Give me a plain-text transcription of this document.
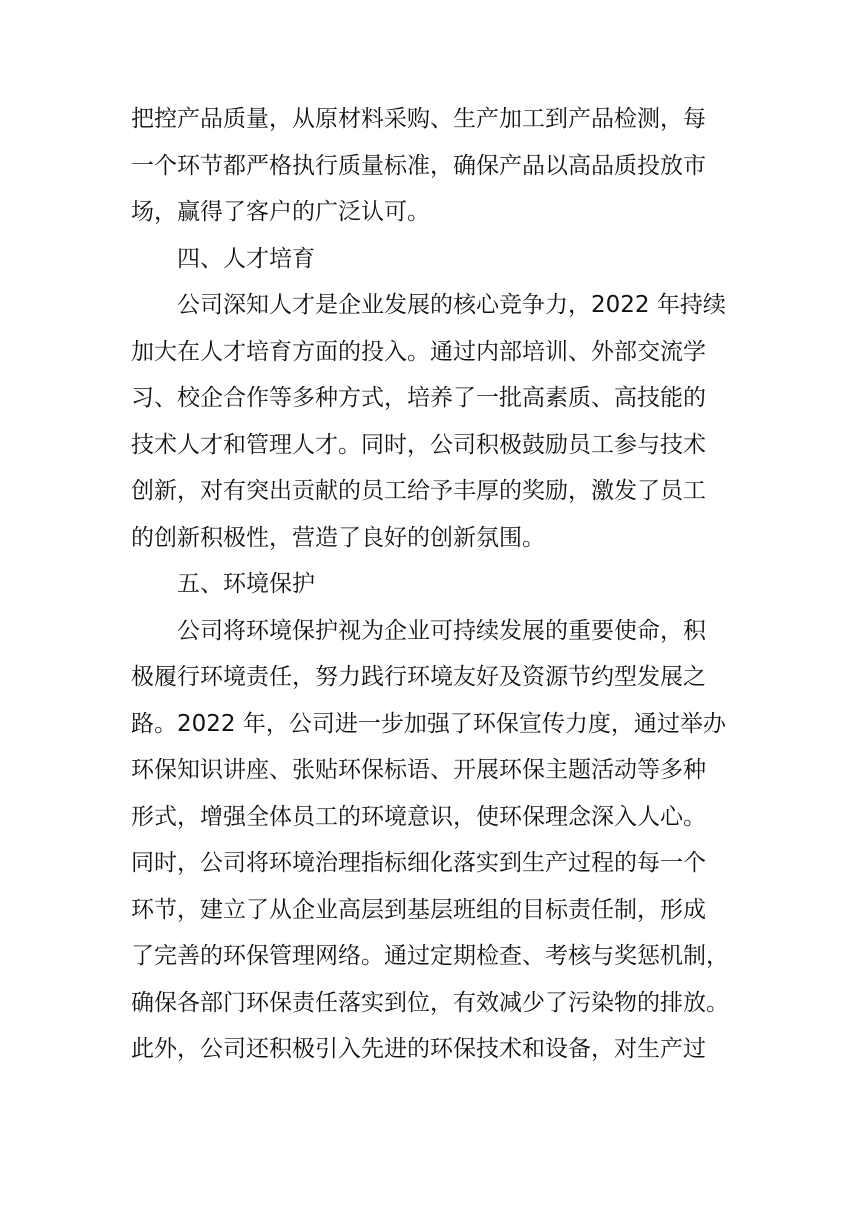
把控产品质量，从原材料采购、生产加工到产品检测，每
一个环节都严格执行质量标准，确保产品以高品质投放市
场，赢得了客户的广泛认可。
四、人才培育
公司深知人才是企业发展的核心竞争力，2022 年持续
加大在人才培育方面的投入。通过内部培训、外部交流学
习、校企合作等多种方式，培养了一批高素质、高技能的
技术人才和管理人才。同时，公司积极鼓励员工参与技术
创新，对有突出贡献的员工给予丰厚的奖励，激发了员工
的创新积极性，营造了良好的创新氛围。
五、环境保护
公司将环境保护视为企业可持续发展的重要使命，积
极履行环境责任，努力践行环境友好及资源节约型发展之
路。2022 年，公司进一步加强了环保宣传力度，通过举办
环保知识讲座、张贴环保标语、开展环保主题活动等多种
形式，增强全体员工的环境意识，使环保理念深入人心。
同时，公司将环境治理指标细化落实到生产过程的每一个
环节，建立了从企业高层到基层班组的目标责任制，形成
了完善的环保管理网络。通过定期检查、考核与奖惩机制，
确保各部门环保责任落实到位，有效减少了污染物的排放。
此外，公司还积极引入先进的环保技术和设备，对生产过
